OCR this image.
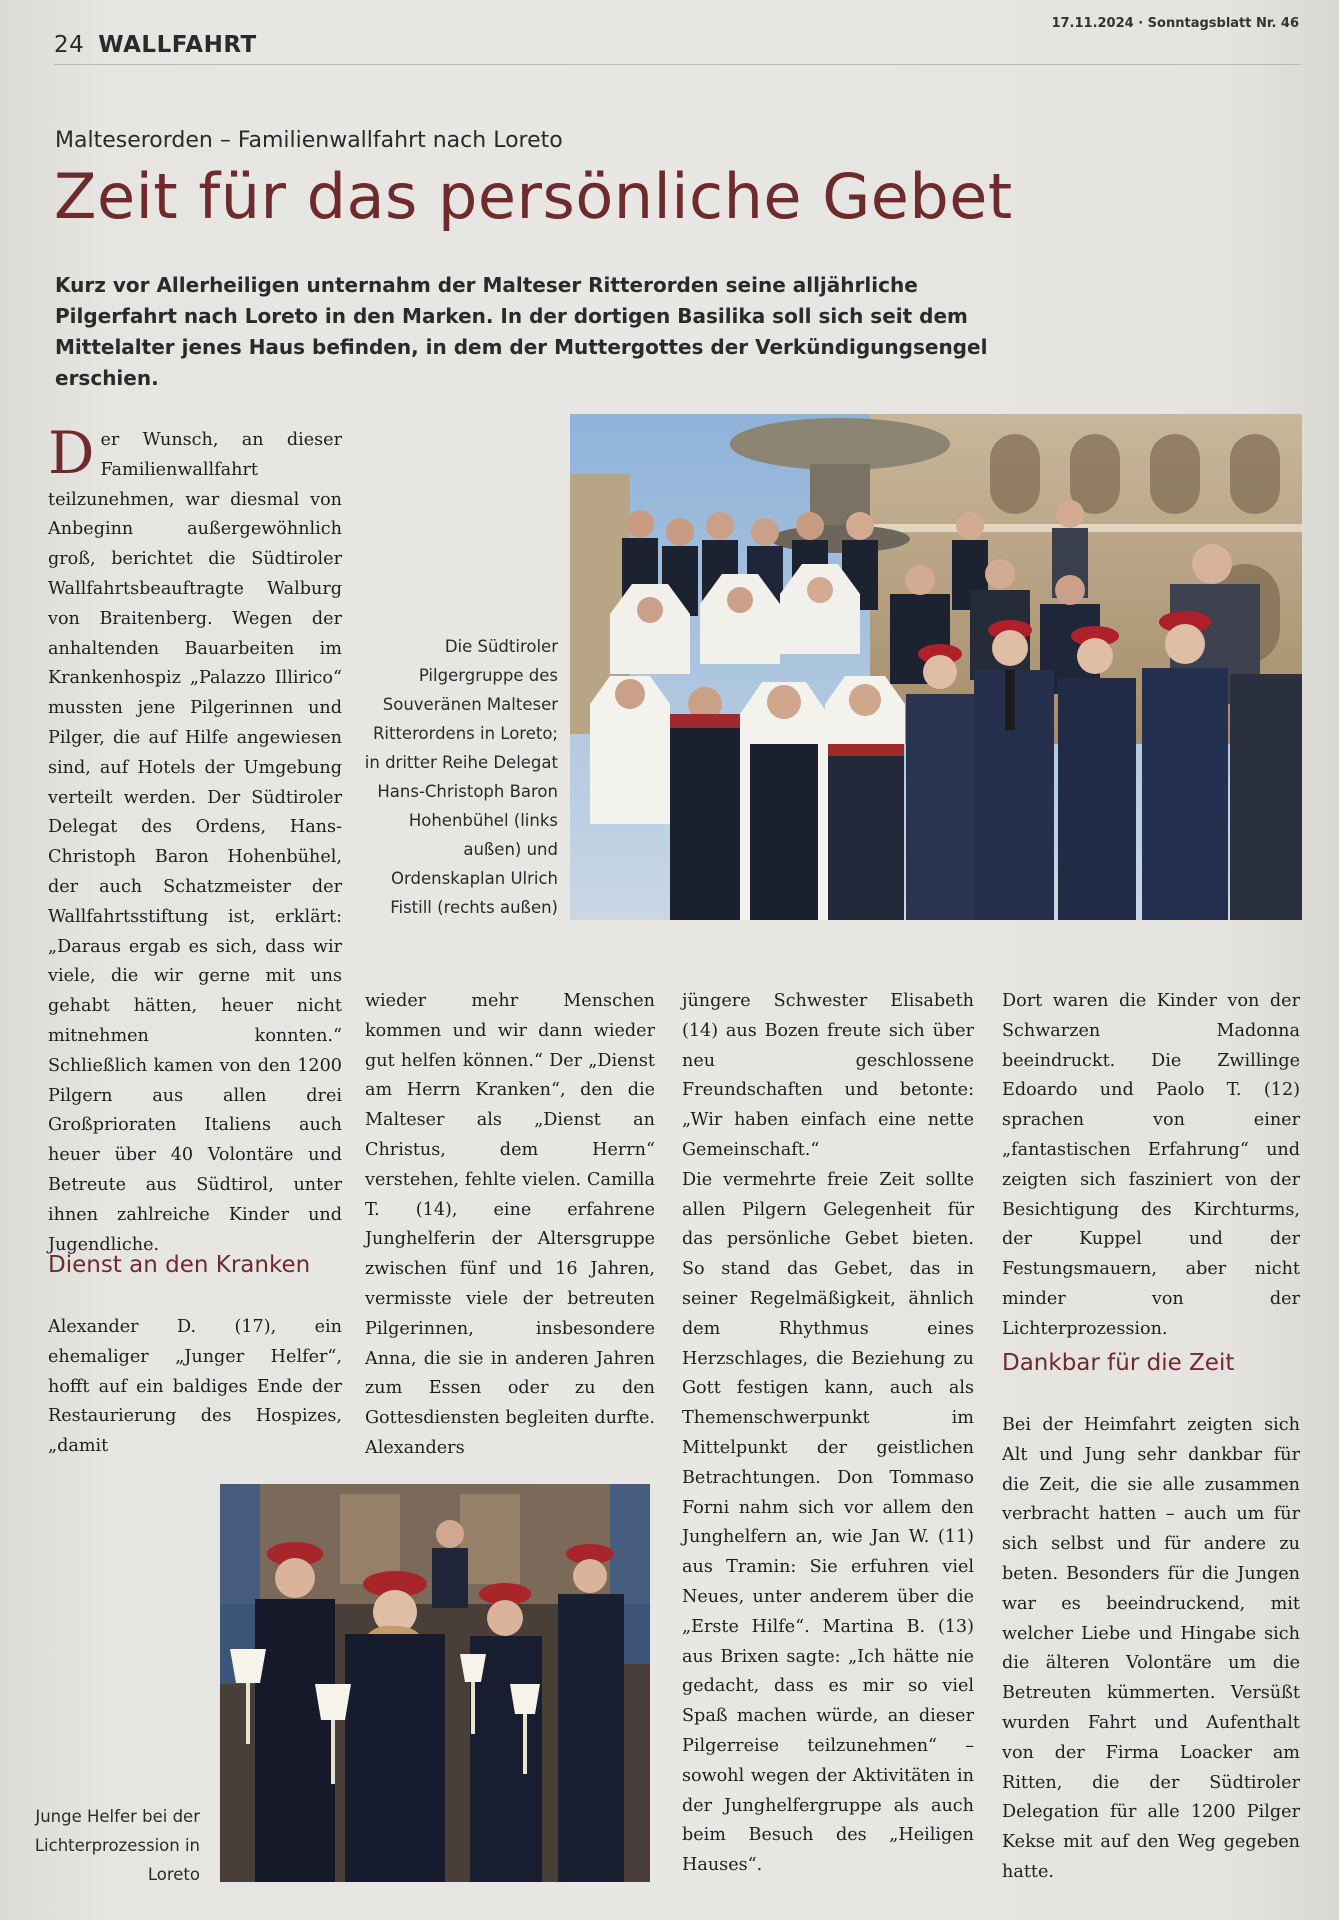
24 WALLFAHRT
17.11.2024 · Sonntagsblatt Nr. 46
Malteserorden – Familienwallfahrt nach Loreto
Zeit für das persönliche Gebet
Kurz vor Allerheiligen unternahm der Malteser Ritterorden seine alljährliche Pilgerfahrt nach Loreto in den Marken. In der dortigen Basilika soll sich seit dem Mittelalter jenes Haus befinden, in dem der Muttergottes der Verkündigungsengel erschien.
Die Südtiroler Pilgergruppe des Souveränen Malteser Ritterordens in Loreto; in dritter Reihe Delegat Hans-Christoph Baron Hohenbühel (links außen) und Ordenskaplan Ulrich Fistill (rechts außen)

Der Wunsch, an dieser Familienwallfahrt teilzunehmen, war diesmal von Anbeginn außergewöhnlich groß, berichtet die Südtiroler Wallfahrtsbeauftragte Walburg von Braitenberg. Wegen der anhaltenden Bauarbeiten im Krankenhospiz „Palazzo Illirico“ mussten jene Pilgerinnen und Pilger, die auf Hilfe angewiesen sind, auf Hotels der Umgebung verteilt werden. Der Südtiroler Delegat des Ordens, Hans-Christoph Baron Hohenbühel, der auch Schatzmeister der Wallfahrtsstiftung ist, erklärt: „Daraus ergab es sich, dass wir viele, die wir gerne mit uns gehabt hätten, heuer nicht mitnehmen konnten.“ Schließlich kamen von den 1200 Pilgern aus allen drei Großprioraten Italiens auch heuer über 40 Volontäre und Betreute aus Südtirol, unter ihnen zahlreiche Kinder und Jugendliche.

Dienst an den Kranken

Alexander D. (17), ein ehemaliger „Junger Helfer“, hofft auf ein baldiges Ende der Restaurierung des Hospizes, „damit

wieder mehr Menschen kommen und wir dann wieder gut helfen können.“ Der „Dienst am Herrn Kranken“, den die Malteser als „Dienst an Christus, dem Herrn“ verstehen, fehlte vielen. Camilla T. (14), eine erfahrene Junghelferin der Altersgruppe zwischen fünf und 16 Jahren, vermisste viele der betreuten Pilgerinnen, insbesondere Anna, die sie in anderen Jahren zum Essen oder zu den Gottesdiensten begleiten durfte. Alexanders

jüngere Schwester Elisabeth (14) aus Bozen freute sich über neu geschlossene Freundschaften und betonte: „Wir haben einfach eine nette Gemeinschaft.“

Die vermehrte freie Zeit sollte allen Pilgern Gelegenheit für das persönliche Gebet bieten. So stand das Gebet, das in seiner Regelmäßigkeit, ähnlich dem Rhythmus eines Herzschlages, die Beziehung zu Gott festigen kann, auch als Themenschwerpunkt im Mittelpunkt der geistlichen Betrachtungen. Don Tommaso Forni nahm sich vor allem den Junghelfern an, wie Jan W. (11) aus Tramin: Sie erfuhren viel Neues, unter anderem über die „Erste Hilfe“. Martina B. (13) aus Brixen sagte: „Ich hätte nie gedacht, dass es mir so viel Spaß machen würde, an dieser Pilgerreise teilzunehmen“ – sowohl wegen der Aktivitäten in der Junghelfergruppe als auch beim Besuch des „Heiligen Hauses“.

Dort waren die Kinder von der Schwarzen Madonna beeindruckt. Die Zwillinge Edoardo und Paolo T. (12) sprachen von einer „fantastischen Erfahrung“ und zeigten sich fasziniert von der Besichtigung des Kirchturms, der Kuppel und der Festungsmauern, aber nicht minder von der Lichterprozession.

Dankbar für die Zeit

Bei der Heimfahrt zeigten sich Alt und Jung sehr dankbar für die Zeit, die sie alle zusammen verbracht hatten – auch um für sich selbst und für andere zu beten. Besonders für die Jungen war es beeindruckend, mit welcher Liebe und Hingabe sich die älteren Volontäre um die Betreuten kümmerten. Versüßt wurden Fahrt und Aufenthalt von der Firma Loacker am Ritten, die der Südtiroler Delegation für alle 1200 Pilger Kekse mit auf den Weg gegeben hatte.

Junge Helfer bei der Lichterprozession in Loreto
